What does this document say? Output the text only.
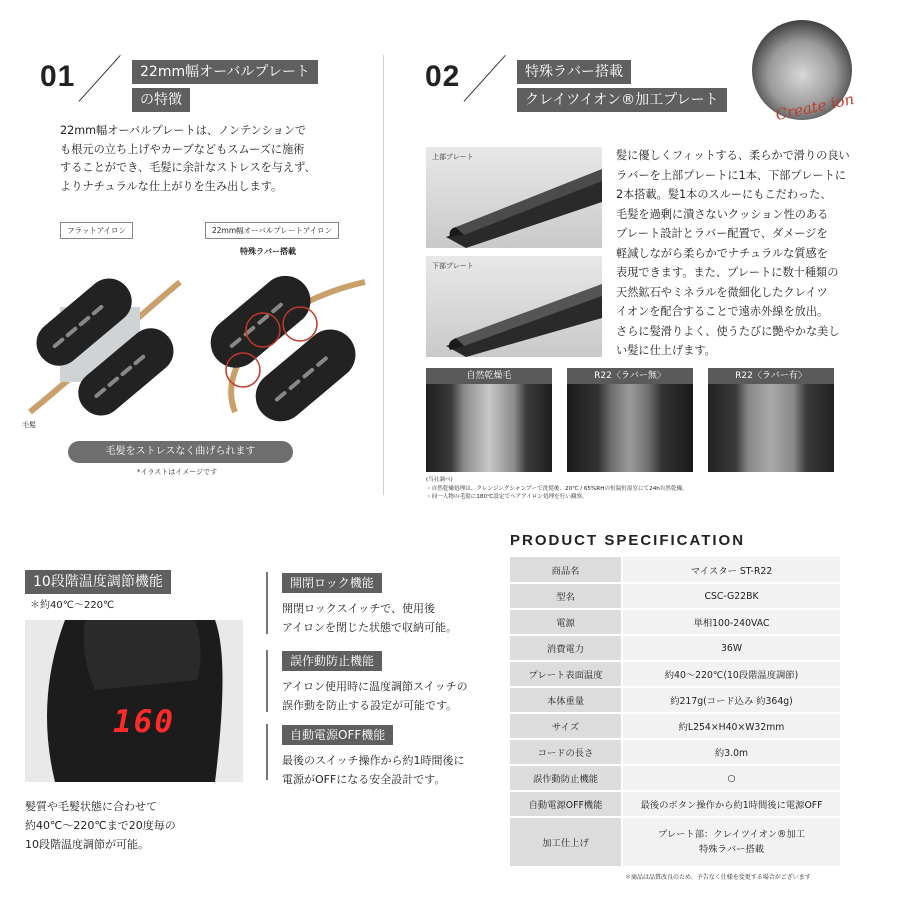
01	22mm幅オーバルプレート
の特徴
22mm幅オーバルプレートは、ノンテンションで
も根元の立ち上げやカーブなどもスムーズに施術
することができ、毛髪に余計なストレスを与えず、
よりナチュラルな仕上がりを生み出します。
フラットアイロン	22mm幅オーバルプレートアイロン
特殊ラバー搭載
毛髪
毛髪をストレスなく曲げられます
*イラストはイメージです
02	特殊ラバー搭載
クレイツイオン®加工プレート	Create ion
上部プレート
下部プレート
髪に優しくフィットする、柔らかで滑りの良い
ラバーを上部プレートに1本、下部プレートに
2本搭載。髪1本のスルーにもこだわった、
毛髪を過剰に潰さないクッション性のある
プレート設計とラバー配置で、ダメージを
軽減しながら柔らかでナチュラルな質感を
表現できます。また、プレートに数十種類の
天然鉱石やミネラルを微細化したクレイツ
イオンを配合することで遠赤外線を放出。
さらに髪滑りよく、使うたびに艶やかな美し
い髪に仕上げます。
自然乾燥毛	R22〈ラバー無〉	R22〈ラバー有〉
(当社調べ)
・自然乾燥処理は、クレンジングシャンプーで洗髪後、20℃ / 65%RHの恒温恒湿室にて24h自然乾燥。
・同一人物の毛髪に180℃設定でヘアアイロン処理を行い観察。
10段階温度調節機能
＊約40℃～220℃
160
髪質や毛髪状態に合わせて
約40℃～220℃まで20度毎の
10段階温度調節が可能。
開閉ロック機能
開閉ロックスイッチで、使用後
アイロンを閉じた状態で収納可能。
誤作動防止機能
アイロン使用時に温度調節スイッチの
誤作動を防止する設定が可能です。
自動電源OFF機能
最後のスイッチ操作から約1時間後に
電源がOFFになる安全設計です。
PRODUCT SPECIFICATION
商品名	マイスター ST-R22
型名	CSC-G22BK
電源	単相100-240VAC
消費電力	36W
プレート表面温度	約40～220℃(10段階温度調節)
本体重量	約217g(コード込み 約364g)
サイズ	約L254×H40×W32mm
コードの長さ	約3.0m
誤作動防止機能	○
自動電源OFF機能	最後のボタン操作から約1時間後に電源OFF
加工仕上げ	プレート部：クレイツイオン®加工
特殊ラバー搭載
＊商品は品質改良のため、予告なく仕様を変更する場合がございます
